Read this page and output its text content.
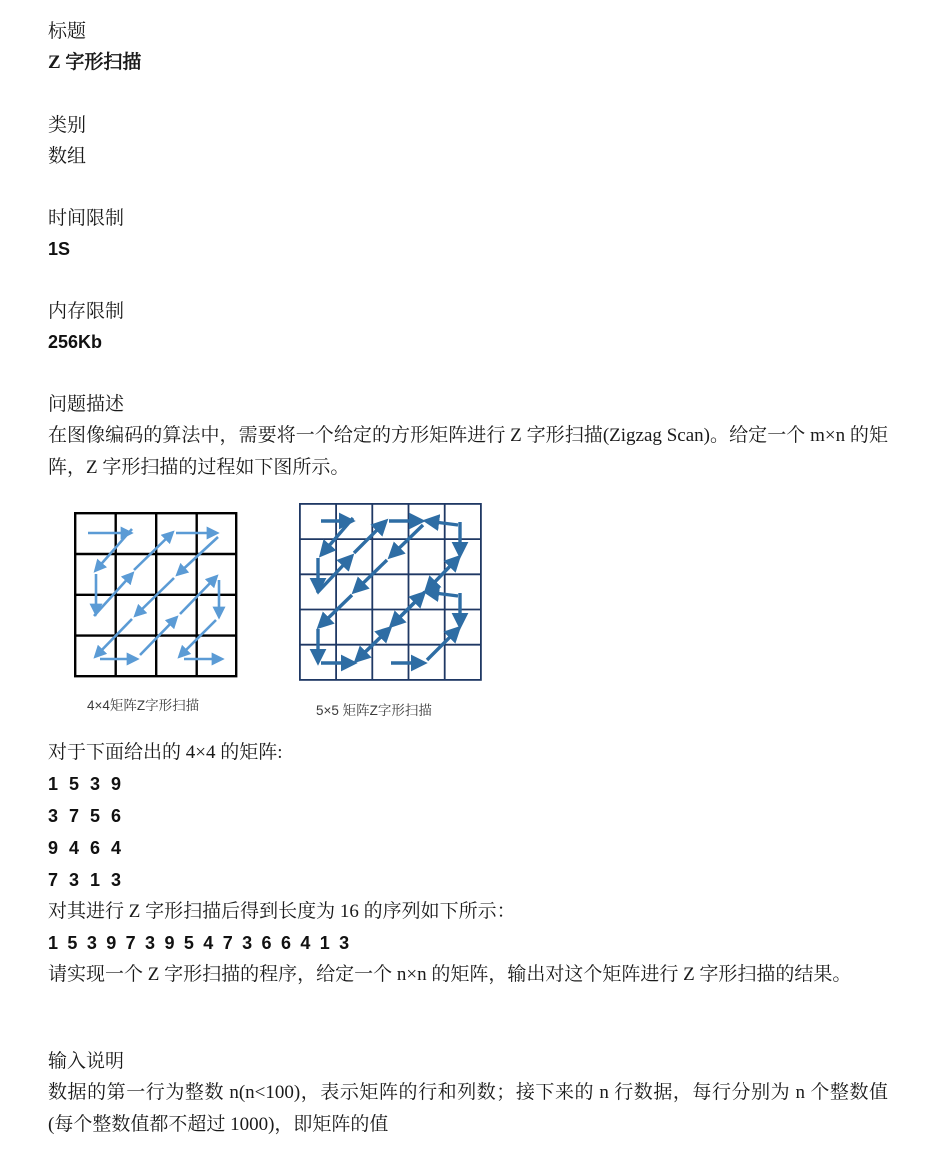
标题
Z 字形扫描
类别
数组
时间限制
1S
内存限制
256Kb
问题描述
在图像编码的算法中，需要将一个给定的方形矩阵进行 Z 字形扫描(Zigzag Scan)。给定一个 m×n 的矩阵，Z 字形扫描的过程如下图所示。
4×4矩阵Z字形扫描	5×5 矩阵Z字形扫描
对于下面给出的 4×4 的矩阵:
1 5 3 9
3 7 5 6
9 4 6 4
7 3 1 3
对其进行 Z 字形扫描后得到长度为 16 的序列如下所示：
1 5 3 9 7 3 9 5 4 7 3 6 6 4 1 3
请实现一个 Z 字形扫描的程序，给定一个 n×n 的矩阵，输出对这个矩阵进行 Z 字形扫描的结果。
输入说明
数据的第一行为整数 n(n<100)，表示矩阵的行和列数；接下来的 n 行数据，每行分别为 n 个整数值(每个整数值都不超过 1000)，即矩阵的值
